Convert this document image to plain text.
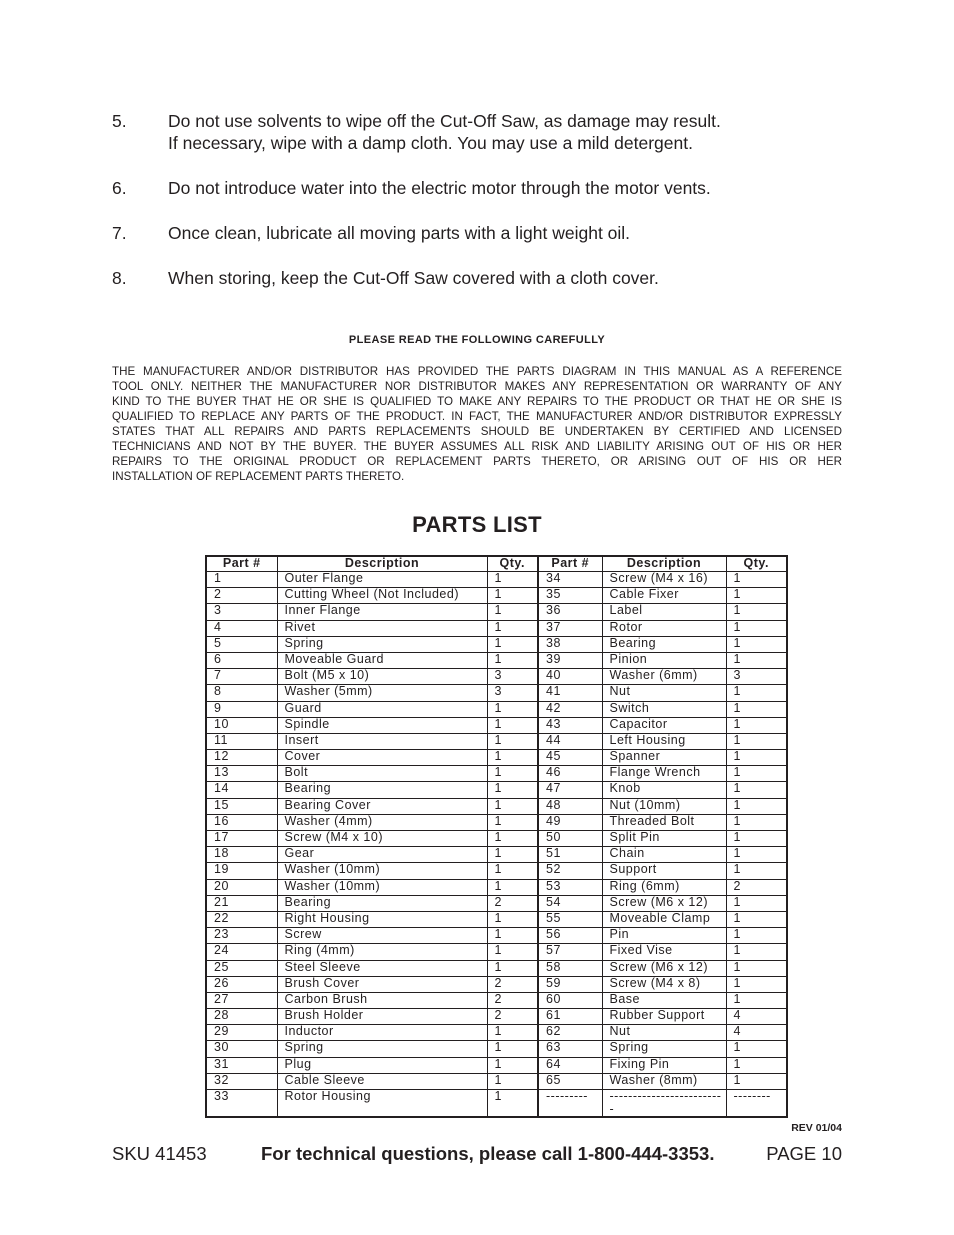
5.	Do not use solvents to wipe off the Cut-Off Saw, as damage may result.
If necessary, wipe with a damp cloth. You may use a mild detergent.
6.	Do not introduce water into the electric motor through the motor vents.
7.	Once clean, lubricate all moving parts with a light weight oil.
8.	When storing, keep the Cut-Off Saw covered with a cloth cover.
PLEASE READ THE FOLLOWING CAREFULLY
THE MANUFACTURER AND/OR DISTRIBUTOR HAS PROVIDED THE PARTS DIAGRAM IN THIS MANUAL AS A REFERENCE
TOOL ONLY. NEITHER THE MANUFACTURER NOR DISTRIBUTOR MAKES ANY REPRESENTATION OR WARRANTY OF ANY
KIND TO THE BUYER THAT HE OR SHE IS QUALIFIED TO MAKE ANY REPAIRS TO THE PRODUCT OR THAT HE OR SHE IS
QUALIFIED TO REPLACE ANY PARTS OF THE PRODUCT. IN FACT, THE MANUFACTURER AND/OR DISTRIBUTOR EXPRESSLY
STATES THAT ALL REPAIRS AND PARTS REPLACEMENTS SHOULD BE UNDERTAKEN BY CERTIFIED AND LICENSED
TECHNICIANS AND NOT BY THE BUYER. THE BUYER ASSUMES ALL RISK AND LIABILITY ARISING OUT OF HIS OR HER
REPAIRS TO THE ORIGINAL PRODUCT OR REPLACEMENT PARTS THERETO, OR ARISING OUT OF HIS OR HER
INSTALLATION OF REPLACEMENT PARTS THERETO.
PARTS LIST
Part #	Description	Qty.	Part #	Description	Qty.
1	Outer Flange	1	34	Screw (M4 x 16)	1
2	Cutting Wheel (Not Included)	1	35	Cable Fixer	1
3	Inner Flange	1	36	Label	1
4	Rivet	1	37	Rotor	1
5	Spring	1	38	Bearing	1
6	Moveable Guard	1	39	Pinion	1
7	Bolt (M5 x 10)	3	40	Washer (6mm)	3
8	Washer (5mm)	3	41	Nut	1
9	Guard	1	42	Switch	1
10	Spindle	1	43	Capacitor	1
11	Insert	1	44	Left Housing	1
12	Cover	1	45	Spanner	1
13	Bolt	1	46	Flange Wrench	1
14	Bearing	1	47	Knob	1
15	Bearing Cover	1	48	Nut (10mm)	1
16	Washer (4mm)	1	49	Threaded Bolt	1
17	Screw (M4 x 10)	1	50	Split Pin	1
18	Gear	1	51	Chain	1
19	Washer (10mm)	1	52	Support	1
20	Washer (10mm)	1	53	Ring (6mm)	2
21	Bearing	2	54	Screw (M6 x 12)	1
22	Right Housing	1	55	Moveable Clamp	1
23	Screw	1	56	Pin	1
24	Ring (4mm)	1	57	Fixed Vise	1
25	Steel Sleeve	1	58	Screw (M6 x 12)	1
26	Brush Cover	2	59	Screw (M4 x 8)	1
27	Carbon Brush	2	60	Base	1
28	Brush Holder	2	61	Rubber Support	4
29	Inductor	1	62	Nut	4
30	Spring	1	63	Spring	1
31	Plug	1	64	Fixing Pin	1
32	Cable Sleeve	1	65	Washer (8mm)	1
33	Rotor Housing	1	---------	-------------------------	--------
REV 01/04
SKU 41453	For technical questions, please call 1-800-444-3353.	PAGE 10
